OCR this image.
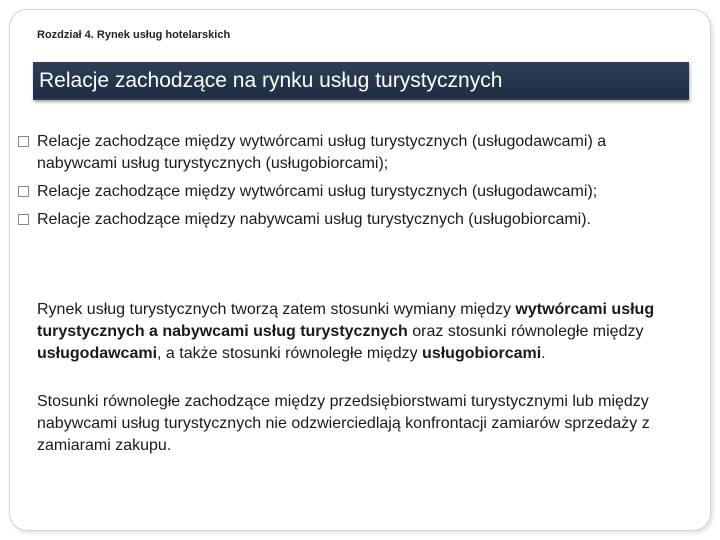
Rozdział 4. Rynek usług hotelarskich
Relacje zachodzące na rynku usług turystycznych
Relacje zachodzące między wytwórcami usług turystycznych (usługodawcami) a nabywcami usług turystycznych (usługobiorcami);
Relacje zachodzące między wytwórcami usług turystycznych (usługodawcami);
Relacje zachodzące między nabywcami usług turystycznych (usługobiorcami).

Rynek usług turystycznych tworzą zatem stosunki wymiany między wytwórcami usług turystycznych a nabywcami usług turystycznych oraz stosunki równoległe między usługodawcami, a także stosunki równoległe między usługobiorcami.

Stosunki równoległe zachodzące między przedsiębiorstwami turystycznymi lub między nabywcami usług turystycznych nie odzwierciedlają konfrontacji zamiarów sprzedaży z zamiarami zakupu.
